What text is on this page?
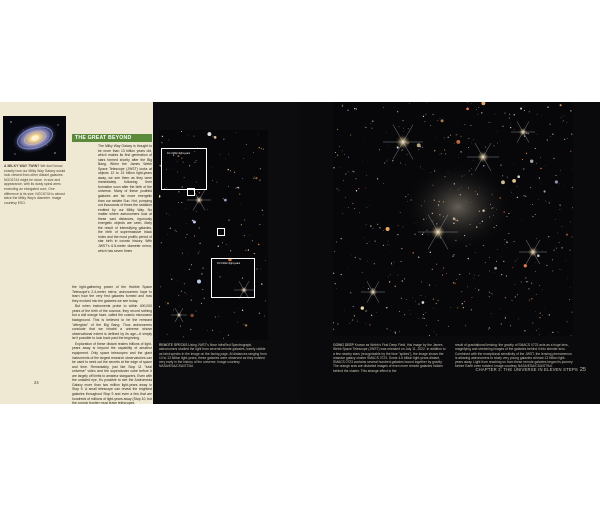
A MILKY WAY TWIN? We don't know exactly how our Milky Way Galaxy would look viewed from other distant galaxies. NGC6744 might be close. In size and appearance, with its dusty spiral arms encircling an elongated core, One difference is its size. NGC6744 is almost twice the Milky Way's diameter. Image courtesy ESO.
THE GREAT BEYOND
The Milky Way Galaxy is thought to be more than 13 billion years old, which makes its first generation of stars formed shortly after the Big Bang. When the James Webb Space Telescope (JWST) looks at objects 12 to 13 billion light-years away, we see them as they were immediately following their formation soon after the birth of the universe. Many of these youthful galaxies are far more energetic than our sedate Sun. Hot, pumping out thousands of times the radiation emitted by our Milky Way. No matter where astronomers look at these vast distances, rigorously energetic objects are seen, likely the result of intensifying galaxies, the birth of supermassive black holes and the most prolific period of star birth in cosmic history. With JWST's 6.5-meter diameter mirror, which has seven times

the light-gathering power of the Hubble Space Telescope's 2.4-meter mirror, astronomers hope to learn how the very first galaxies formed and how they evolved into the galaxies we see today.

But when instruments probe to within 400,000 years of the birth of the cosmos, they record nothing but a dull orange haze, called the cosmic microwave background. This is believed to be the remnant "afterglow" of the Big Bang. Thus astronomers conclude that we inhabit a universe whose observational extent is defined by its age—it simply isn't possible to look back past the beginning.

Exploration of these distant realms billions of light-years away is beyond the capability of amateur equipment. Only space telescopes and the giant instruments of the largest research observatories can be used to seek out the secrets at the edge of space and time. Remarkably, just like Stop 11 "total universe" video and the supercluster cube before it are largely off limits to amateur stargazers. Even with the unaided eye, it's possible to see the Andromeda Galaxy more than two million light-years away in Stop 9. A small telescope can reveal the brightest galaxies throughout Stop 9 and even a few that are hundreds of millions of light-years away (Stop 10, but the cosmic frontier must leave telescopes.

24
10.1 billion light-years
10.5 billion light-years
REMOTE SPECKS Using JWST's Near InfraRed Spectrograph, astronomers studied the light from several remote galaxies, barely visible as faint specks in the image on the facing page. At distances ranging from 10 to 13 billion light-years, these galaxies were observed as they existed very early in the history of the universe. Image courtesy NASA/ESA/CSA/STScI.
GOING DEEP Known as Webb's First Deep Field, this image by the James Webb Space Telescope (JWST) was released on July 11, 2022. In addition to a few nearby stars (recognizable by the blue "spikes"), the image shows the massive galaxy cluster SMACS 0723. Some 4.6 billion light-years distant, SMACS 0723 contains several hundred galaxies bound together by gravity. The orange arcs are distorted images of even more remote galaxies hidden behind the cluster. This strange effect is the
result of gravitational lensing: the gravity of SMACS 0723 acts as a huge lens, magnifying and stretching images of the galaxies behind it into slender arcs. Combined with the exceptional sensitivity of the JWST, the lensing phenomenon is allowing astronomers to study very young galaxies at least 13 billion light-years away. Light from reaching us from these remote galaxies began its journey before Earth even existed. Image courtesy NASA/ESA/CSA/STScI.
CHAPTER 2: THE UNIVERSE IN ELEVEN STEPS 25
